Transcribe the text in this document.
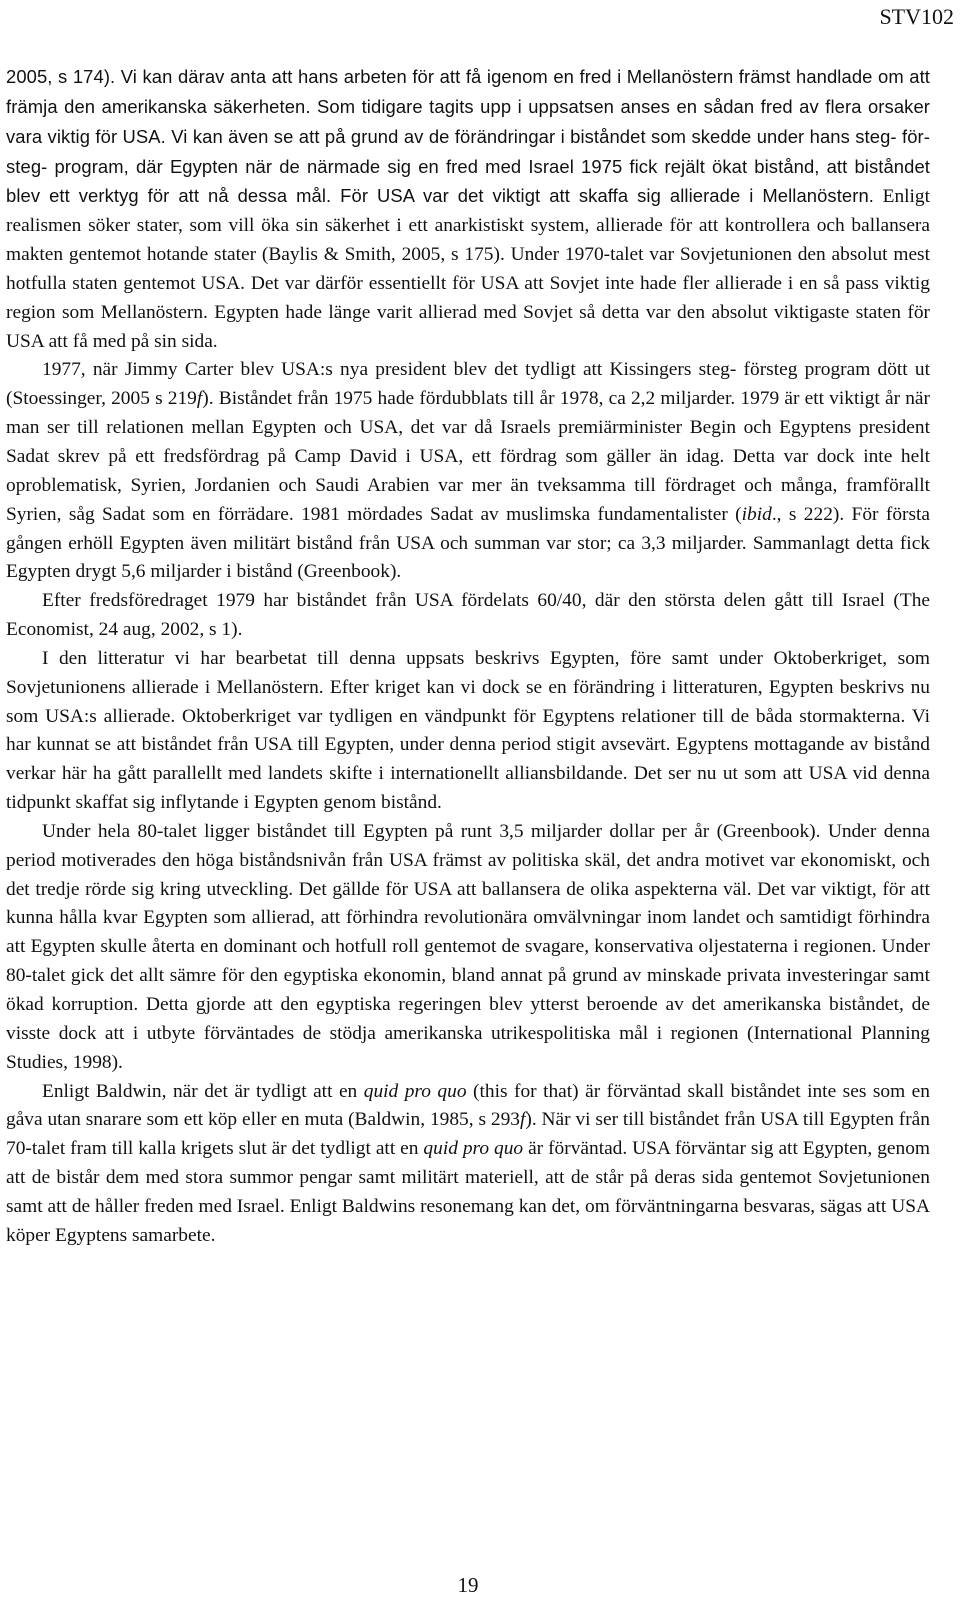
STV102

2005, s 174). Vi kan därav anta att hans arbeten för att få igenom en fred i Mellanöstern främst handlade om att främja den amerikanska säkerheten. Som tidigare tagits upp i uppsatsen anses en sådan fred av flera orsaker vara viktig för USA. Vi kan även se att på grund av de förändringar i biståndet som skedde under hans steg- för- steg- program, där Egypten när de närmade sig en fred med Israel 1975 fick rejält ökat bistånd, att biståndet blev ett verktyg för att nå dessa mål. För USA var det viktigt att skaffa sig allierade i Mellanöstern. Enligt realismen söker stater, som vill öka sin säkerhet i ett anarkistiskt system, allierade för att kontrollera och ballansera makten gentemot hotande stater (Baylis & Smith, 2005, s 175). Under 1970-talet var Sovjetunionen den absolut mest hotfulla staten gentemot USA. Det var därför essentiellt för USA att Sovjet inte hade fler allierade i en så pass viktig region som Mellanöstern. Egypten hade länge varit allierad med Sovjet så detta var den absolut viktigaste staten för USA att få med på sin sida.

1977, när Jimmy Carter blev USA:s nya president blev det tydligt att Kissingers steg- försteg program dött ut (Stoessinger, 2005 s 219f). Biståndet från 1975 hade fördubblats till år 1978, ca 2,2 miljarder. 1979 är ett viktigt år när man ser till relationen mellan Egypten och USA, det var då Israels premiärminister Begin och Egyptens president Sadat skrev på ett fredsfördrag på Camp David i USA, ett fördrag som gäller än idag. Detta var dock inte helt oproblematisk, Syrien, Jordanien och Saudi Arabien var mer än tveksamma till fördraget och många, framförallt Syrien, såg Sadat som en förrädare. 1981 mördades Sadat av muslimska fundamentalister (ibid., s 222). För första gången erhöll Egypten även militärt bistånd från USA och summan var stor; ca 3,3 miljarder. Sammanlagt detta fick Egypten drygt 5,6 miljarder i bistånd (Greenbook).

Efter fredsföredraget 1979 har biståndet från USA fördelats 60/40, där den största delen gått till Israel (The Economist, 24 aug, 2002, s 1).

I den litteratur vi har bearbetat till denna uppsats beskrivs Egypten, före samt under Oktoberkriget, som Sovjetunionens allierade i Mellanöstern. Efter kriget kan vi dock se en förändring i litteraturen, Egypten beskrivs nu som USA:s allierade. Oktoberkriget var tydligen en vändpunkt för Egyptens relationer till de båda stormakterna. Vi har kunnat se att biståndet från USA till Egypten, under denna period stigit avsevärt. Egyptens mottagande av bistånd verkar här ha gått parallellt med landets skifte i internationellt alliansbildande. Det ser nu ut som att USA vid denna tidpunkt skaffat sig inflytande i Egypten genom bistånd.

Under hela 80-talet ligger biståndet till Egypten på runt 3,5 miljarder dollar per år (Greenbook). Under denna period motiverades den höga biståndsnivån från USA främst av politiska skäl, det andra motivet var ekonomiskt, och det tredje rörde sig kring utveckling. Det gällde för USA att ballansera de olika aspekterna väl. Det var viktigt, för att kunna hålla kvar Egypten som allierad, att förhindra revolutionära omvälvningar inom landet och samtidigt förhindra att Egypten skulle återta en dominant och hotfull roll gentemot de svagare, konservativa oljestaterna i regionen. Under 80-talet gick det allt sämre för den egyptiska ekonomin, bland annat på grund av minskade privata investeringar samt ökad korruption. Detta gjorde att den egyptiska regeringen blev ytterst beroende av det amerikanska biståndet, de visste dock att i utbyte förväntades de stödja amerikanska utrikespolitiska mål i regionen (International Planning Studies, 1998).

Enligt Baldwin, när det är tydligt att en quid pro quo (this for that) är förväntad skall biståndet inte ses som en gåva utan snarare som ett köp eller en muta (Baldwin, 1985, s 293f). När vi ser till biståndet från USA till Egypten från 70-talet fram till kalla krigets slut är det tydligt att en quid pro quo är förväntad. USA förväntar sig att Egypten, genom att de bistår dem med stora summor pengar samt militärt materiell, att de står på deras sida gentemot Sovjetunionen samt att de håller freden med Israel. Enligt Baldwins resonemang kan det, om förväntningarna besvaras, sägas att USA köper Egyptens samarbete.

19
